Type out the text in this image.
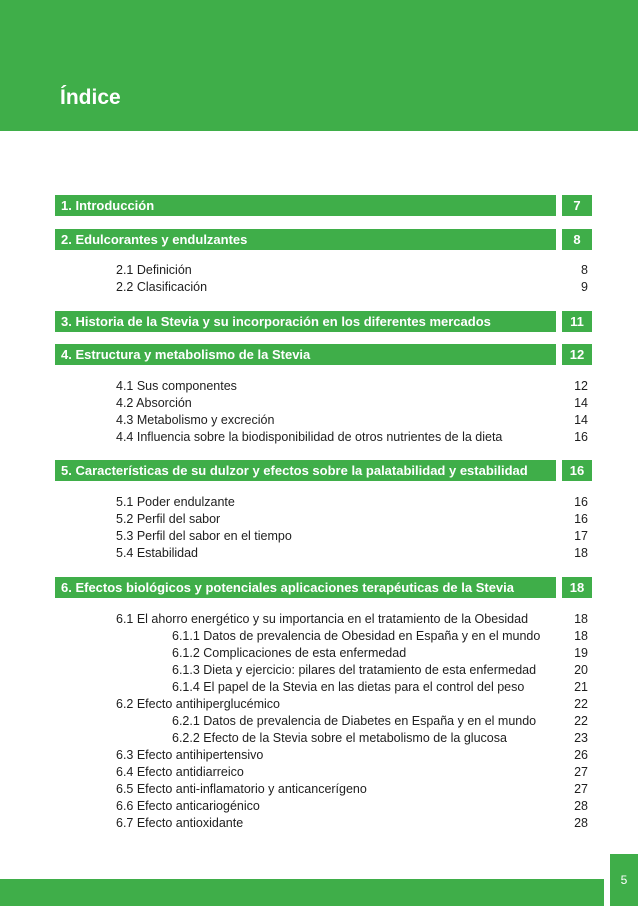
Índice
1. Introducción	7
2. Edulcorantes y endulzantes	8
2.1 Definición	8
2.2 Clasificación	9
3. Historia de la Stevia y su incorporación en los diferentes mercados	11
4. Estructura y metabolismo de la Stevia	12
4.1 Sus componentes	12
4.2 Absorción	14
4.3 Metabolismo y excreción	14
4.4 Influencia sobre la biodisponibilidad de otros nutrientes de la dieta	16
5. Características de su dulzor y efectos sobre la palatabilidad y estabilidad	16
5.1 Poder endulzante	16
5.2 Perfil del sabor	16
5.3 Perfil del sabor en el tiempo	17
5.4 Estabilidad	18
6. Efectos biológicos y potenciales aplicaciones terapéuticas de la Stevia	18
6.1 El ahorro energético y su importancia en el tratamiento de la Obesidad	18
6.1.1 Datos de prevalencia de Obesidad en España y en el mundo	18
6.1.2 Complicaciones de esta enfermedad	19
6.1.3 Dieta y ejercicio: pilares del tratamiento de esta enfermedad	20
6.1.4 El papel de la Stevia en las dietas para el control del peso	21
6.2 Efecto antihiperglucémico	22
6.2.1 Datos de prevalencia de Diabetes en España y en el mundo	22
6.2.2 Efecto de la Stevia sobre el metabolismo de la glucosa	23
6.3 Efecto antihipertensivo	26
6.4 Efecto antidiarreico	27
6.5 Efecto anti-inflamatorio y anticancerígeno	27
6.6 Efecto anticariogénico	28
6.7 Efecto antioxidante	28
5
